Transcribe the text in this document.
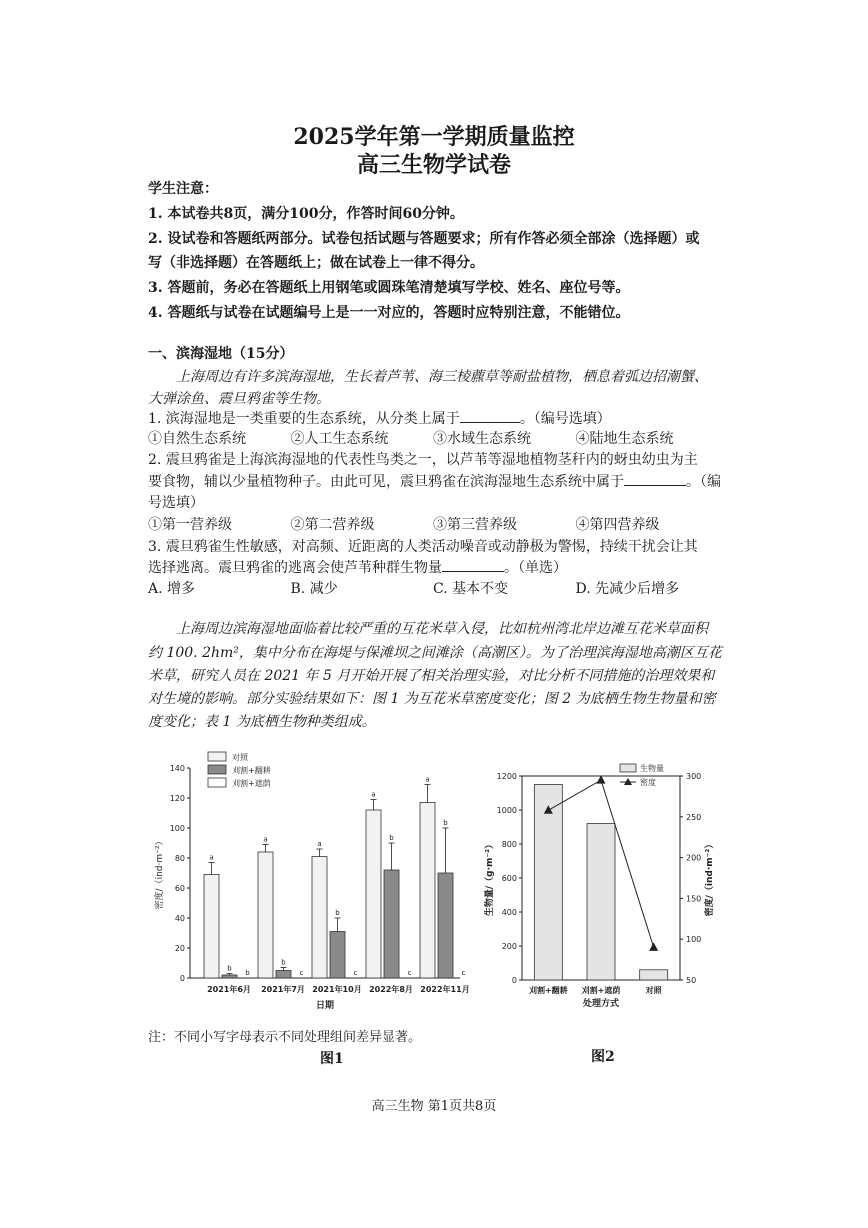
2025学年第一学期质量监控
高三生物学试卷
学生注意：
1. 本试卷共8页，满分100分，作答时间60分钟。
2. 设试卷和答题纸两部分。试卷包括试题与答题要求；所有作答必须全部涂（选择题）或
写（非选择题）在答题纸上；做在试卷上一律不得分。
3. 答题前，务必在答题纸上用钢笔或圆珠笔清楚填写学校、姓名、座位号等。
4. 答题纸与试卷在试题编号上是一一对应的，答题时应特别注意，不能错位。
一、滨海湿地（15分）
上海周边有许多滨海湿地，生长着芦苇、海三棱藨草等耐盐植物，栖息着弧边招潮蟹、
大弹涂鱼、震旦鸦雀等生物。
1. 滨海湿地是一类重要的生态系统，从分类上属于	。（编号选填）
①自然生态系统	②人工生态系统	③水域生态系统	④陆地生态系统
2. 震旦鸦雀是上海滨海湿地的代表性鸟类之一，以芦苇等湿地植物茎秆内的蚜虫幼虫为主
要食物，辅以少量植物种子。由此可见，震旦鸦雀在滨海湿地生态系统中属于	。（编
号选填）
①第一营养级	②第二营养级	③第三营养级	④第四营养级
3. 震旦鸦雀生性敏感，对高频、近距离的人类活动噪音或动静极为警惕，持续干扰会让其
选择逃离。震旦鸦雀的逃离会使芦苇种群生物量	。（单选）
A. 增多	B. 减少	C. 基本不变	D. 先减少后增多
上海周边滨海湿地面临着比较严重的互花米草入侵，比如杭州湾北岸边滩互花米草面积
约 100. 2hm²，集中分布在海堤与保滩坝之间滩涂（高潮区）。为了治理滨海湿地高潮区互花
米草，研究人员在 2021 年 5 月开始开展了相关治理实验，对比分析不同措施的治理效果和
对生境的影响。部分实验结果如下：图 1 为互花米草密度变化；图 2 为底栖生物生物量和密
度变化；表 1 为底栖生物种类组成。
0
20
40
60
80
100
120
140
密度/（ind·m⁻²）
日期
a
b
b
2021年6月
a
b
c
2021年7月
a
b
c
2021年10月
a
b
c
2022年8月
a
b
c
2022年11月
对照
刈割+翻耕
刈割+遮荫
注：不同小写字母表示不同处理组间差异显著。
图1
0
200
400
600
800
1000
1200
50
100
150
200
250
300
生物量/（g·m⁻²）	密度/（ind·m⁻²）
处理方式
刈割+翻耕 刈割+遮荫	对照
生物量
密度
图2
高三生物 第1页共8页
